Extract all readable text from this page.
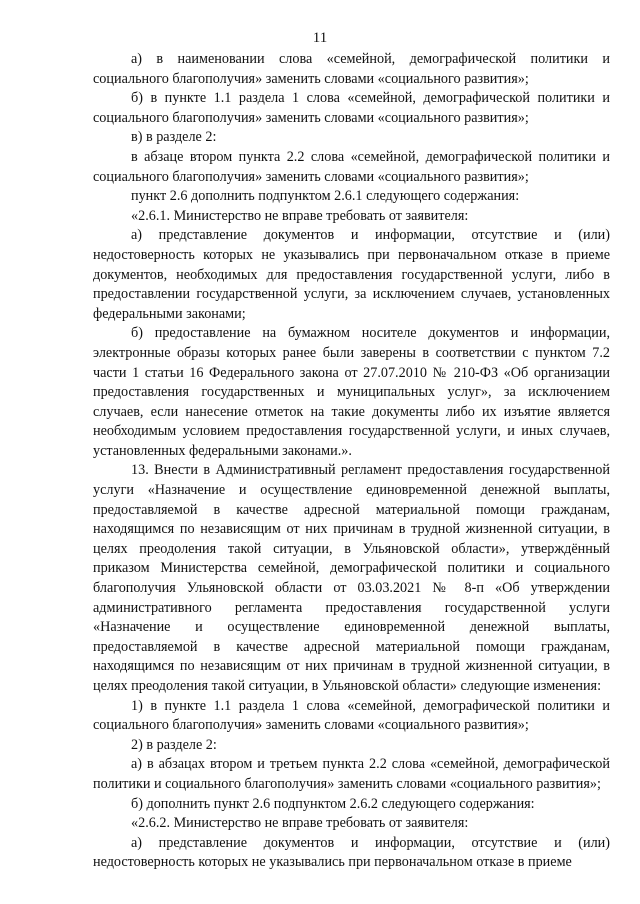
11

а) в наименовании слова «семейной, демографической политики и социального благополучия» заменить словами «социального развития»;

б) в пункте 1.1 раздела 1 слова «семейной, демографической политики и социального благополучия» заменить словами «социального развития»;

в) в разделе 2:

в абзаце втором пункта 2.2 слова «семейной, демографической политики и социального благополучия» заменить словами «социального развития»;

пункт 2.6 дополнить подпунктом 2.6.1 следующего содержания:

«2.6.1. Министерство не вправе требовать от заявителя:

а) представление документов и информации, отсутствие и (или) недостоверность которых не указывались при первоначальном отказе в приеме документов, необходимых для предоставления государственной услуги, либо в предоставлении государственной услуги, за исключением случаев, установленных федеральными законами;

б) предоставление на бумажном носителе документов и информации, электронные образы которых ранее были заверены в соответствии с пунктом 7.2 части 1 статьи 16 Федерального закона от 27.07.2010 № 210-ФЗ «Об организации предоставления государственных и муниципальных услуг», за исключением случаев, если нанесение отметок на такие документы либо их изъятие является необходимым условием предоставления государственной услуги, и иных случаев, установленных федеральными законами.».

13. Внести в Административный регламент предоставления государственной услуги «Назначение и осуществление единовременной денежной выплаты, предоставляемой в качестве адресной материальной помощи гражданам, находящимся по независящим от них причинам в трудной жизненной ситуации, в целях преодоления такой ситуации, в Ульяновской области», утверждённый приказом Министерства семейной, демографической политики и социального благополучия Ульяновской области от 03.03.2021 № 8-п «Об утверждении административного регламента предоставления государственной услуги «Назначение и осуществление единовременной денежной выплаты, предоставляемой в качестве адресной материальной помощи гражданам, находящимся по независящим от них причинам в трудной жизненной ситуации, в целях преодоления такой ситуации, в Ульяновской области» следующие изменения:

1) в пункте 1.1 раздела 1 слова «семейной, демографической политики и социального благополучия» заменить словами «социального развития»;

2) в разделе 2:

а) в абзацах втором и третьем пункта 2.2 слова «семейной, демографической политики и социального благополучия» заменить словами «социального развития»;

б) дополнить пункт 2.6 подпунктом 2.6.2 следующего содержания:

«2.6.2. Министерство не вправе требовать от заявителя:

а) представление документов и информации, отсутствие и (или) недостоверность которых не указывались при первоначальном отказе в приеме
